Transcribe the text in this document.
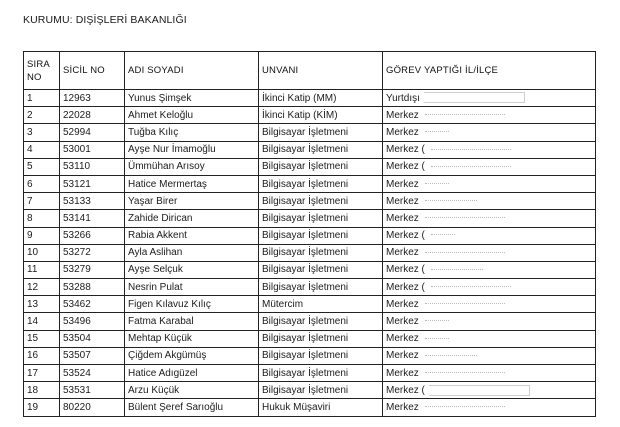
KURUMU: DIŞİŞLERİ BAKANLIĞI
SIRA NO	SİCİL NO	ADI SOYADI	UNVANI	GÖREV YAPTIĞI İL/İLÇE
1	12963	Yunus Şimşek	İkinci Katip (MM)	Yurtdışı
2	22028	Ahmet Keloğlu	İkinci Katip (KİM)	Merkez
3	52994	Tuğba Kılıç	Bilgisayar İşletmeni	Merkez
4	53001	Ayşe Nur İmamoğlu	Bilgisayar İşletmeni	Merkez (
5	53110	Ümmühan Arısoy	Bilgisayar İşletmeni	Merkez (
6	53121	Hatice Mermertaş	Bilgisayar İşletmeni	Merkez
7	53133	Yaşar Birer	Bilgisayar İşletmeni	Merkez
8	53141	Zahide Dirican	Bilgisayar İşletmeni	Merkez
9	53266	Rabia Akkent	Bilgisayar İşletmeni	Merkez (
10	53272	Ayla Aslihan	Bilgisayar İşletmeni	Merkez
11	53279	Ayşe Selçuk	Bilgisayar İşletmeni	Merkez (
12	53288	Nesrin Pulat	Bilgisayar İşletmeni	Merkez (
13	53462	Figen Kılavuz Kılıç	Mütercim	Merkez
14	53496	Fatma Karabal	Bilgisayar İşletmeni	Merkez
15	53504	Mehtap Küçük	Bilgisayar İşletmeni	Merkez
16	53507	Çiğdem Akgümüş	Bilgisayar İşletmeni	Merkez
17	53524	Hatice Adıgüzel	Bilgisayar İşletmeni	Merkez
18	53531	Arzu Küçük	Bilgisayar İşletmeni	Merkez (
19	80220	Bülent Şeref Sarıoğlu	Hukuk Müşaviri	Merkez
